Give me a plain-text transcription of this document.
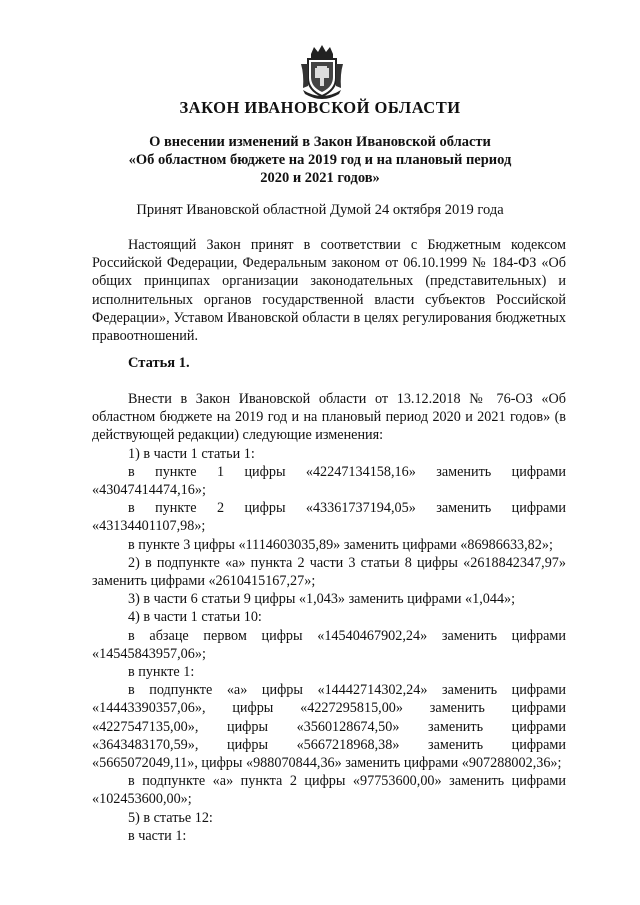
ЗАКОН ИВАНОВСКОЙ ОБЛАСТИ
О внесении изменений в Закон Ивановской области
«Об областном бюджете на 2019 год и на плановый период
2020 и 2021 годов»
Принят Ивановской областной Думой 24 октября 2019 года

Настоящий Закон принят в соответствии с Бюджетным кодексом Российской Федерации, Федеральным законом от 06.10.1999 № 184-ФЗ «Об общих принципах организации законодательных (представительных) и исполнительных органов государственной власти субъектов Российской Федерации», Уставом Ивановской области в целях регулирования бюджетных правоотношений.

Статья 1.

Внести в Закон Ивановской области от 13.12.2018 № 76-ОЗ «Об областном бюджете на 2019 год и на плановый период 2020 и 2021 годов» (в действующей редакции) следующие изменения:

1) в части 1 статьи 1:

в пункте 1 цифры «42247134158,16» заменить цифрами «43047414474,16»;

в пункте 2 цифры «43361737194,05» заменить цифрами «43134401107,98»;

в пункте 3 цифры «1114603035,89» заменить цифрами «86986633,82»;

2) в подпункте «а» пункта 2 части 3 статьи 8 цифры «2618842347,97» заменить цифрами «2610415167,27»;

3) в части 6 статьи 9 цифры «1,043» заменить цифрами «1,044»;

4) в части 1 статьи 10:

в абзаце первом цифры «14540467902,24» заменить цифрами «14545843957,06»;

в пункте 1:

в подпункте «а» цифры «14442714302,24» заменить цифрами «14443390357,06», цифры «4227295815,00» заменить цифрами «4227547135,00», цифры «3560128674,50» заменить цифрами «3643483170,59», цифры «5667218968,38» заменить цифрами «5665072049,11», цифры «988070844,36» заменить цифрами «907288002,36»;

в подпункте «а» пункта 2 цифры «97753600,00» заменить цифрами «102453600,00»;

5) в статье 12:

в части 1:
